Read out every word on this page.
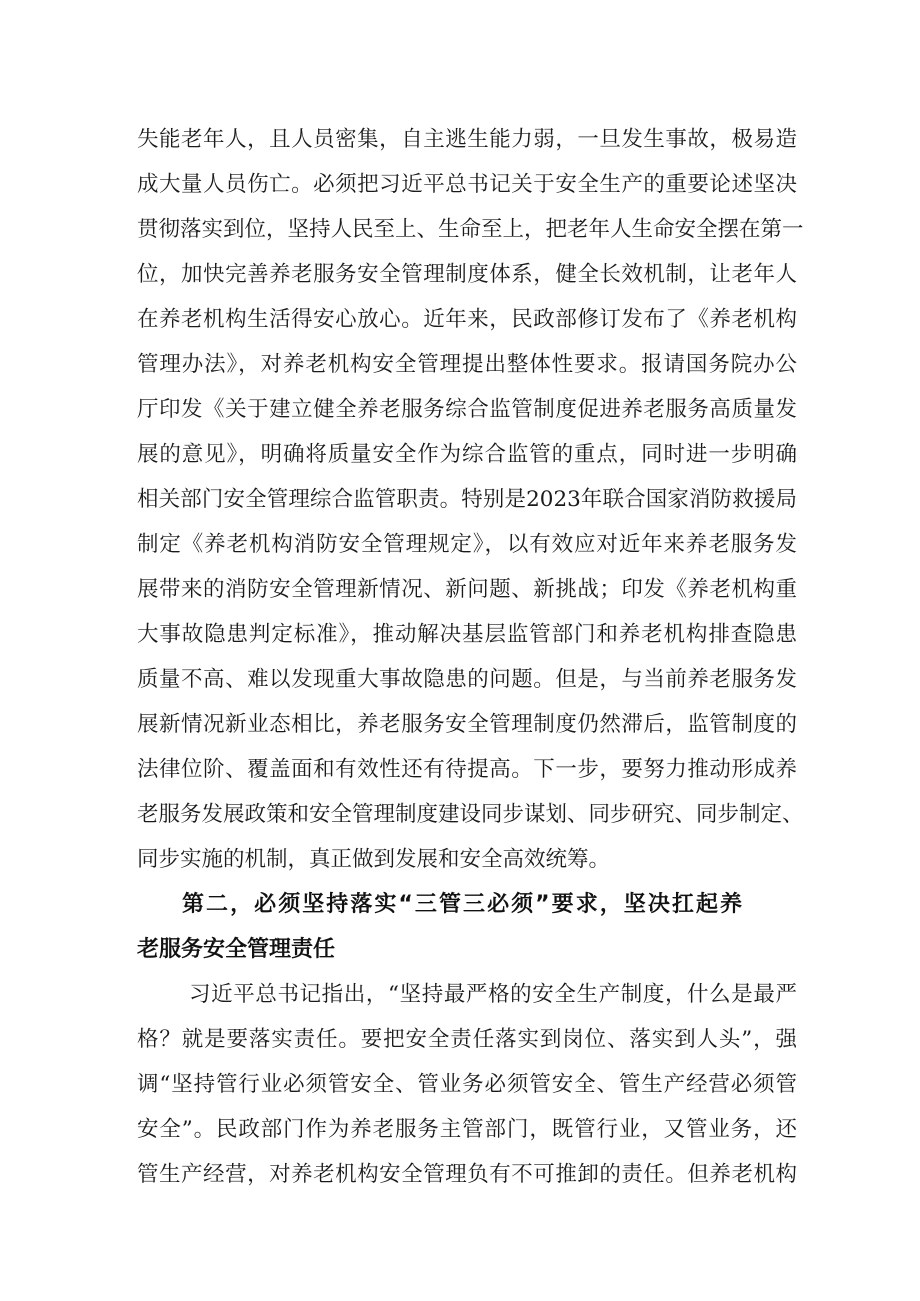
失能老年人，且人员密集，自主逃生能力弱，一旦发生事故，极易造
成大量人员伤亡。必须把习近平总书记关于安全生产的重要论述坚决
贯彻落实到位，坚持人民至上、生命至上，把老年人生命安全摆在第一
位，加快完善养老服务安全管理制度体系，健全长效机制，让老年人
在养老机构生活得安心放心。近年来，民政部修订发布了《养老机构
管理办法》，对养老机构安全管理提出整体性要求。报请国务院办公
厅印发《关于建立健全养老服务综合监管制度促进养老服务高质量发
展的意见》，明确将质量安全作为综合监管的重点，同时进一步明确
相关部门安全管理综合监管职责。特别是2023年联合国家消防救援局
制定《养老机构消防安全管理规定》，以有效应对近年来养老服务发
展带来的消防安全管理新情况、新问题、新挑战；印发《养老机构重
大事故隐患判定标准》，推动解决基层监管部门和养老机构排查隐患
质量不高、难以发现重大事故隐患的问题。但是，与当前养老服务发
展新情况新业态相比，养老服务安全管理制度仍然滞后，监管制度的
法律位阶、覆盖面和有效性还有待提高。下一步，要努力推动形成养
老服务发展政策和安全管理制度建设同步谋划、同步研究、同步制定、
同步实施的机制，真正做到发展和安全高效统筹。
第二，必须坚持落实“三管三必须”要求，坚决扛起养
老服务安全管理责任
习近平总书记指出，“坚持最严格的安全生产制度，什么是最严
格？就是要落实责任。要把安全责任落实到岗位、落实到人头”，强
调“坚持管行业必须管安全、管业务必须管安全、管生产经营必须管
安全”。民政部门作为养老服务主管部门，既管行业，又管业务，还
管生产经营，对养老机构安全管理负有不可推卸的责任。但养老机构
